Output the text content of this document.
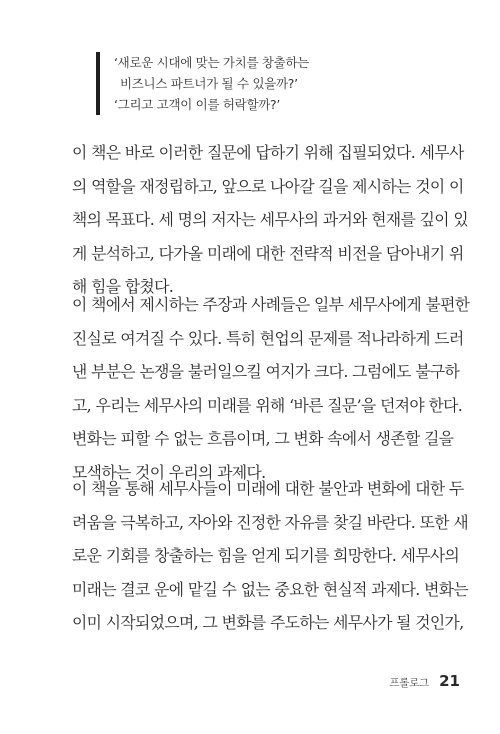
‘새로운 시대에 맞는 가치를 창출하는
비즈니스 파트너가 될 수 있을까?’
‘그리고 고객이 이를 허락할까?’
이 책은 바로 이러한 질문에 답하기 위해 집필되었다. 세무사
의 역할을 재정립하고, 앞으로 나아갈 길을 제시하는 것이 이
책의 목표다. 세 명의 저자는 세무사의 과거와 현재를 깊이 있
게 분석하고, 다가올 미래에 대한 전략적 비전을 담아내기 위
해 힘을 합쳤다.
이 책에서 제시하는 주장과 사례들은 일부 세무사에게 불편한
진실로 여겨질 수 있다. 특히 현업의 문제를 적나라하게 드러
낸 부분은 논쟁을 불러일으킬 여지가 크다. 그럼에도 불구하
고, 우리는 세무사의 미래를 위해 ‘바른 질문’을 던져야 한다.
변화는 피할 수 없는 흐름이며, 그 변화 속에서 생존할 길을
모색하는 것이 우리의 과제다.
이 책을 통해 세무사들이 미래에 대한 불안과 변화에 대한 두
려움을 극복하고, 자아와 진정한 자유를 찾길 바란다. 또한 새
로운 기회를 창출하는 힘을 얻게 되기를 희망한다. 세무사의
미래는 결코 운에 맡길 수 없는 중요한 현실적 과제다. 변화는
이미 시작되었으며, 그 변화를 주도하는 세무사가 될 것인가,
프롤로그 21
